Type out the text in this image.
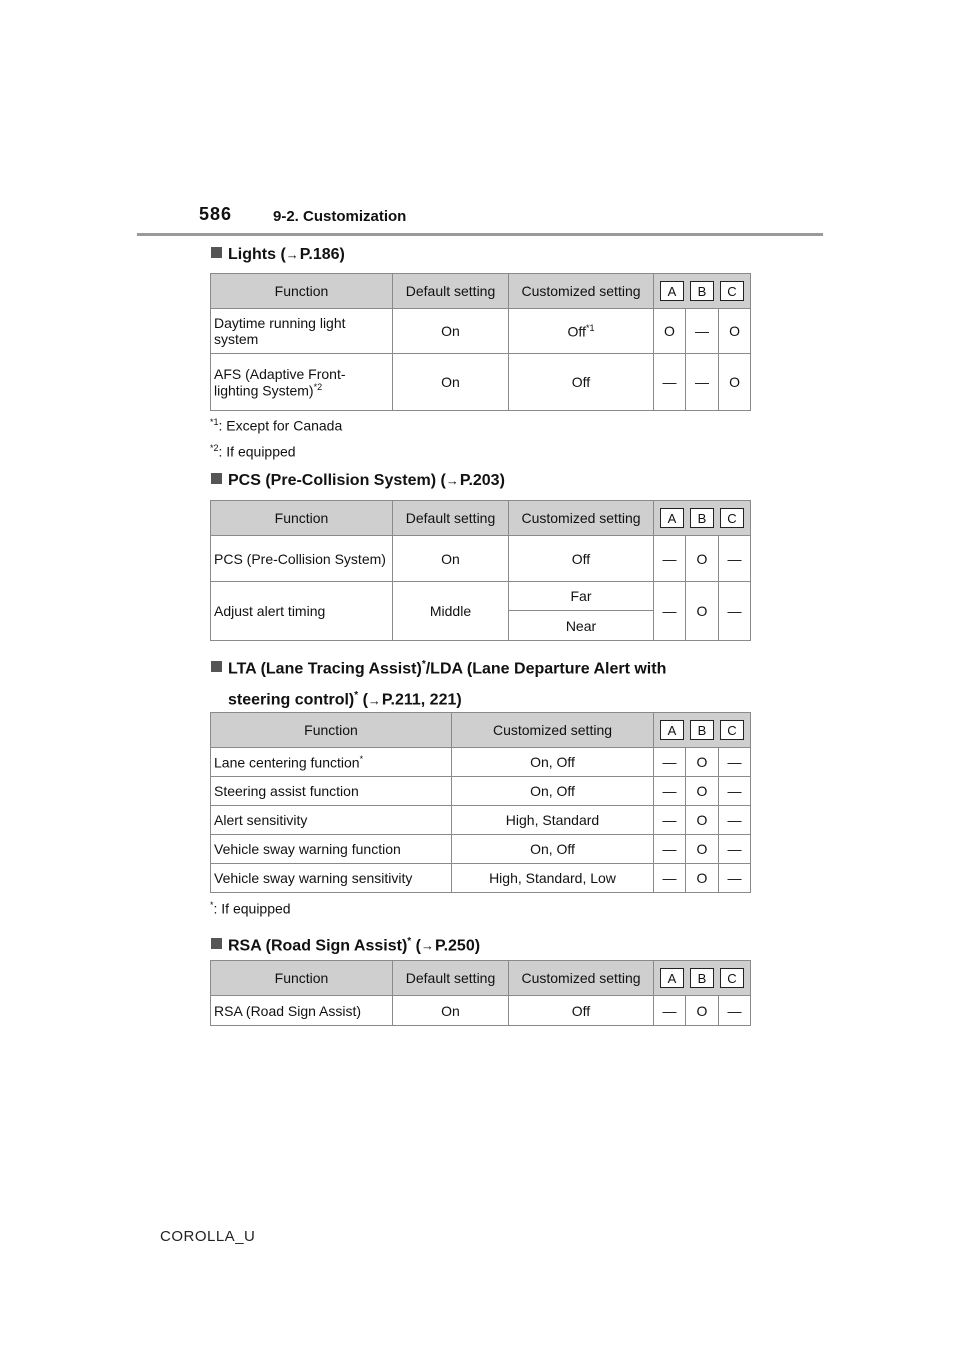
586	9-2. Customization
Lights (→P.186)
Function	Default setting	Customized setting	A B C		

Daytime running light system	On	Off$^{*1}$	O	—	O
AFS (Adaptive Front-lighting System)$^{*2}$	On	Off	—	—	O
$^{*1}$: Except for Canada
$^{*2}$: If equipped
PCS (Pre-Collision System) (→P.203)
Function	Default setting	Customized setting	A B C		

PCS (Pre-Collision System)	On	Off	—	O	—
Adjust alert timing	Middle	Far	—	O	—
		Near			
LTA (Lane Tracing Assist)*/LDA (Lane Departure Alert with
steering control)* (→P.211, 221)
Function	Customized setting	A B C		

Lane centering function*	On, Off	—	O	—
Steering assist function	On, Off	—	O	—
Alert sensitivity	High, Standard	—	O	—
Vehicle sway warning function	On, Off	—	O	—
Vehicle sway warning sensitivity	High, Standard, Low	—	O	—
*: If equipped
RSA (Road Sign Assist)* (→P.250)
Function	Default setting	Customized setting	A B C		

RSA (Road Sign Assist)	On	Off	—	O	—
COROLLA_U
